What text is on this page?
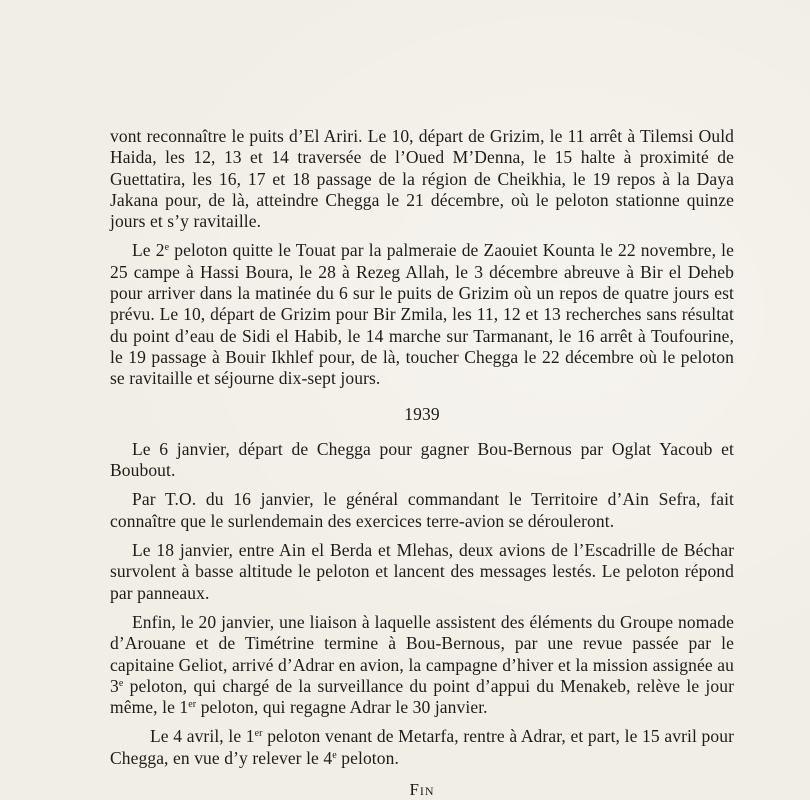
vont reconnaître le puits d’El Ariri. Le 10, départ de Grizim, le 11 arrêt à Tilemsi Ould Haida, les 12, 13 et 14 traversée de l’Oued M’Denna, le 15 halte à proximité de Guettatira, les 16, 17 et 18 passage de la région de Cheikhia, le 19 repos à la Daya Jakana pour, de là, atteindre Chegga le 21 décembre, où le peloton stationne quinze jours et s’y ravitaille.

Le 2e peloton quitte le Touat par la palmeraie de Zaouiet Kounta le 22 novembre, le 25 campe à Hassi Boura, le 28 à Rezeg Allah, le 3 décembre abreuve à Bir el Deheb pour arriver dans la matinée du 6 sur le puits de Grizim où un repos de quatre jours est prévu. Le 10, départ de Grizim pour Bir Zmila, les 11, 12 et 13 recherches sans résultat du point d’eau de Sidi el Habib, le 14 marche sur Tarmanant, le 16 arrêt à Toufourine, le 19 passage à Bouir Ikhlef pour, de là, toucher Chegga le 22 décembre où le peloton se ravitaille et séjourne dix-sept jours.

1939

Le 6 janvier, départ de Chegga pour gagner Bou-Bernous par Oglat Yacoub et Boubout.

Par T.O. du 16 janvier, le général commandant le Territoire d’Ain Sefra, fait connaître que le surlendemain des exercices terre-avion se dérouleront.

Le 18 janvier, entre Ain el Berda et Mlehas, deux avions de l’Escadrille de Béchar survolent à basse altitude le peloton et lancent des messages lestés. Le peloton répond par panneaux.

Enfin, le 20 janvier, une liaison à laquelle assistent des éléments du Groupe nomade d’Arouane et de Timétrine termine à Bou-Bernous, par une revue passée par le capitaine Geliot, arrivé d’Adrar en avion, la campagne d’hiver et la mission assignée au 3e peloton, qui chargé de la surveillance du point d’appui du Menakeb, relève le jour même, le 1er peloton, qui regagne Adrar le 30 janvier.

Le 4 avril, le 1er peloton venant de Metarfa, rentre à Adrar, et part, le 15 avril pour Chegga, en vue d’y relever le 4e peloton.

Fin
